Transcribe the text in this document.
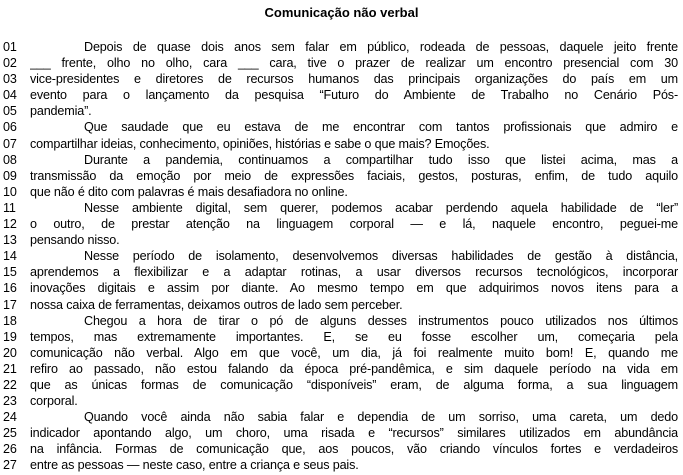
Comunicação não verbal
01	Depois de quase dois anos sem falar em público, rodeada de pessoas, daquele jeito frente
02	___ frente, olho no olho, cara ___ cara, tive o prazer de realizar um encontro presencial com 30
03	vice-presidentes e diretores de recursos humanos das principais organizações do país em um
04	evento para o lançamento da pesquisa “Futuro do Ambiente de Trabalho no Cenário Pós-
05	pandemia”.
06	Que saudade que eu estava de me encontrar com tantos profissionais que admiro e
07	compartilhar ideias, conhecimento, opiniões, histórias e sabe o que mais? Emoções.
08	Durante a pandemia, continuamos a compartilhar tudo isso que listei acima, mas a
09	transmissão da emoção por meio de expressões faciais, gestos, posturas, enfim, de tudo aquilo
10	que não é dito com palavras é mais desafiadora no online.
11	Nesse ambiente digital, sem querer, podemos acabar perdendo aquela habilidade de “ler”
12	o outro, de prestar atenção na linguagem corporal — e lá, naquele encontro, peguei-me
13	pensando nisso.
14	Nesse período de isolamento, desenvolvemos diversas habilidades de gestão à distância,
15	aprendemos a flexibilizar e a adaptar rotinas, a usar diversos recursos tecnológicos, incorporar
16	inovações digitais e assim por diante. Ao mesmo tempo em que adquirimos novos itens para a
17	nossa caixa de ferramentas, deixamos outros de lado sem perceber.
18	Chegou a hora de tirar o pó de alguns desses instrumentos pouco utilizados nos últimos
19	tempos, mas extremamente importantes. E, se eu fosse escolher um, começaria pela
20	comunicação não verbal. Algo em que você, um dia, já foi realmente muito bom! E, quando me
21	refiro ao passado, não estou falando da época pré-pandêmica, e sim daquele período na vida em
22	que as únicas formas de comunicação “disponíveis” eram, de alguma forma, a sua linguagem
23	corporal.
24	Quando você ainda não sabia falar e dependia de um sorriso, uma careta, um dedo
25	indicador apontando algo, um choro, uma risada e “recursos” similares utilizados em abundância
26	na infância. Formas de comunicação que, aos poucos, vão criando vínculos fortes e verdadeiros
27	entre as pessoas — neste caso, entre a criança e seus pais.
